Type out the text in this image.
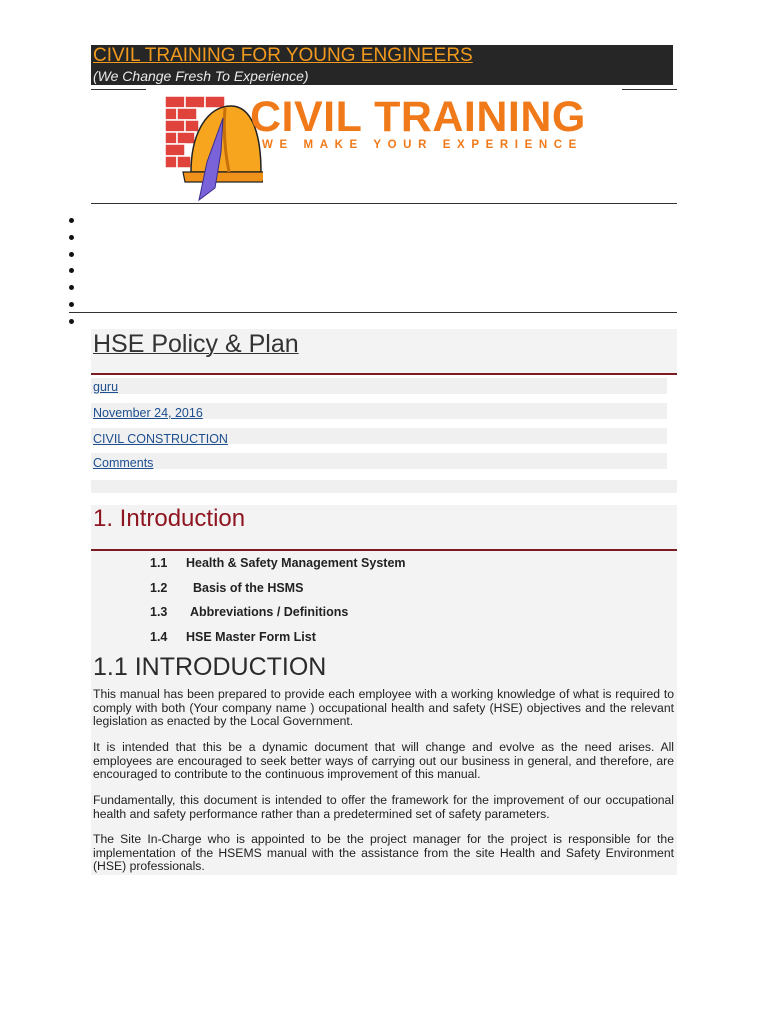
CIVIL TRAINING FOR YOUNG ENGINEERS
(We Change Fresh To Experience)
CIVIL TRAINING
WE MAKE YOUR EXPERIENCE
HSE Policy & Plan
guru
November 24, 2016
CIVIL CONSTRUCTION
Comments
1. Introduction
1.1 Health & Safety Management System
1.2 Basis of the HSMS
1.3 Abbreviations / Definitions
1.4 HSE Master Form List
1.1 INTRODUCTION

This manual has been prepared to provide each employee with a working knowledge of what is required to comply with both (Your company name ) occupational health and safety (HSE) objectives and the relevant legislation as enacted by the Local Government.

It is intended that this be a dynamic document that will change and evolve as the need arises. All employees are encouraged to seek better ways of carrying out our business in general, and therefore, are encouraged to contribute to the continuous improvement of this manual.

Fundamentally, this document is intended to offer the framework for the improvement of our occupational health and safety performance rather than a predetermined set of safety parameters.

The Site In-Charge who is appointed to be the project manager for the project is responsible for the implementation of the HSEMS manual with the assistance from the site Health and Safety Environment (HSE) professionals.
